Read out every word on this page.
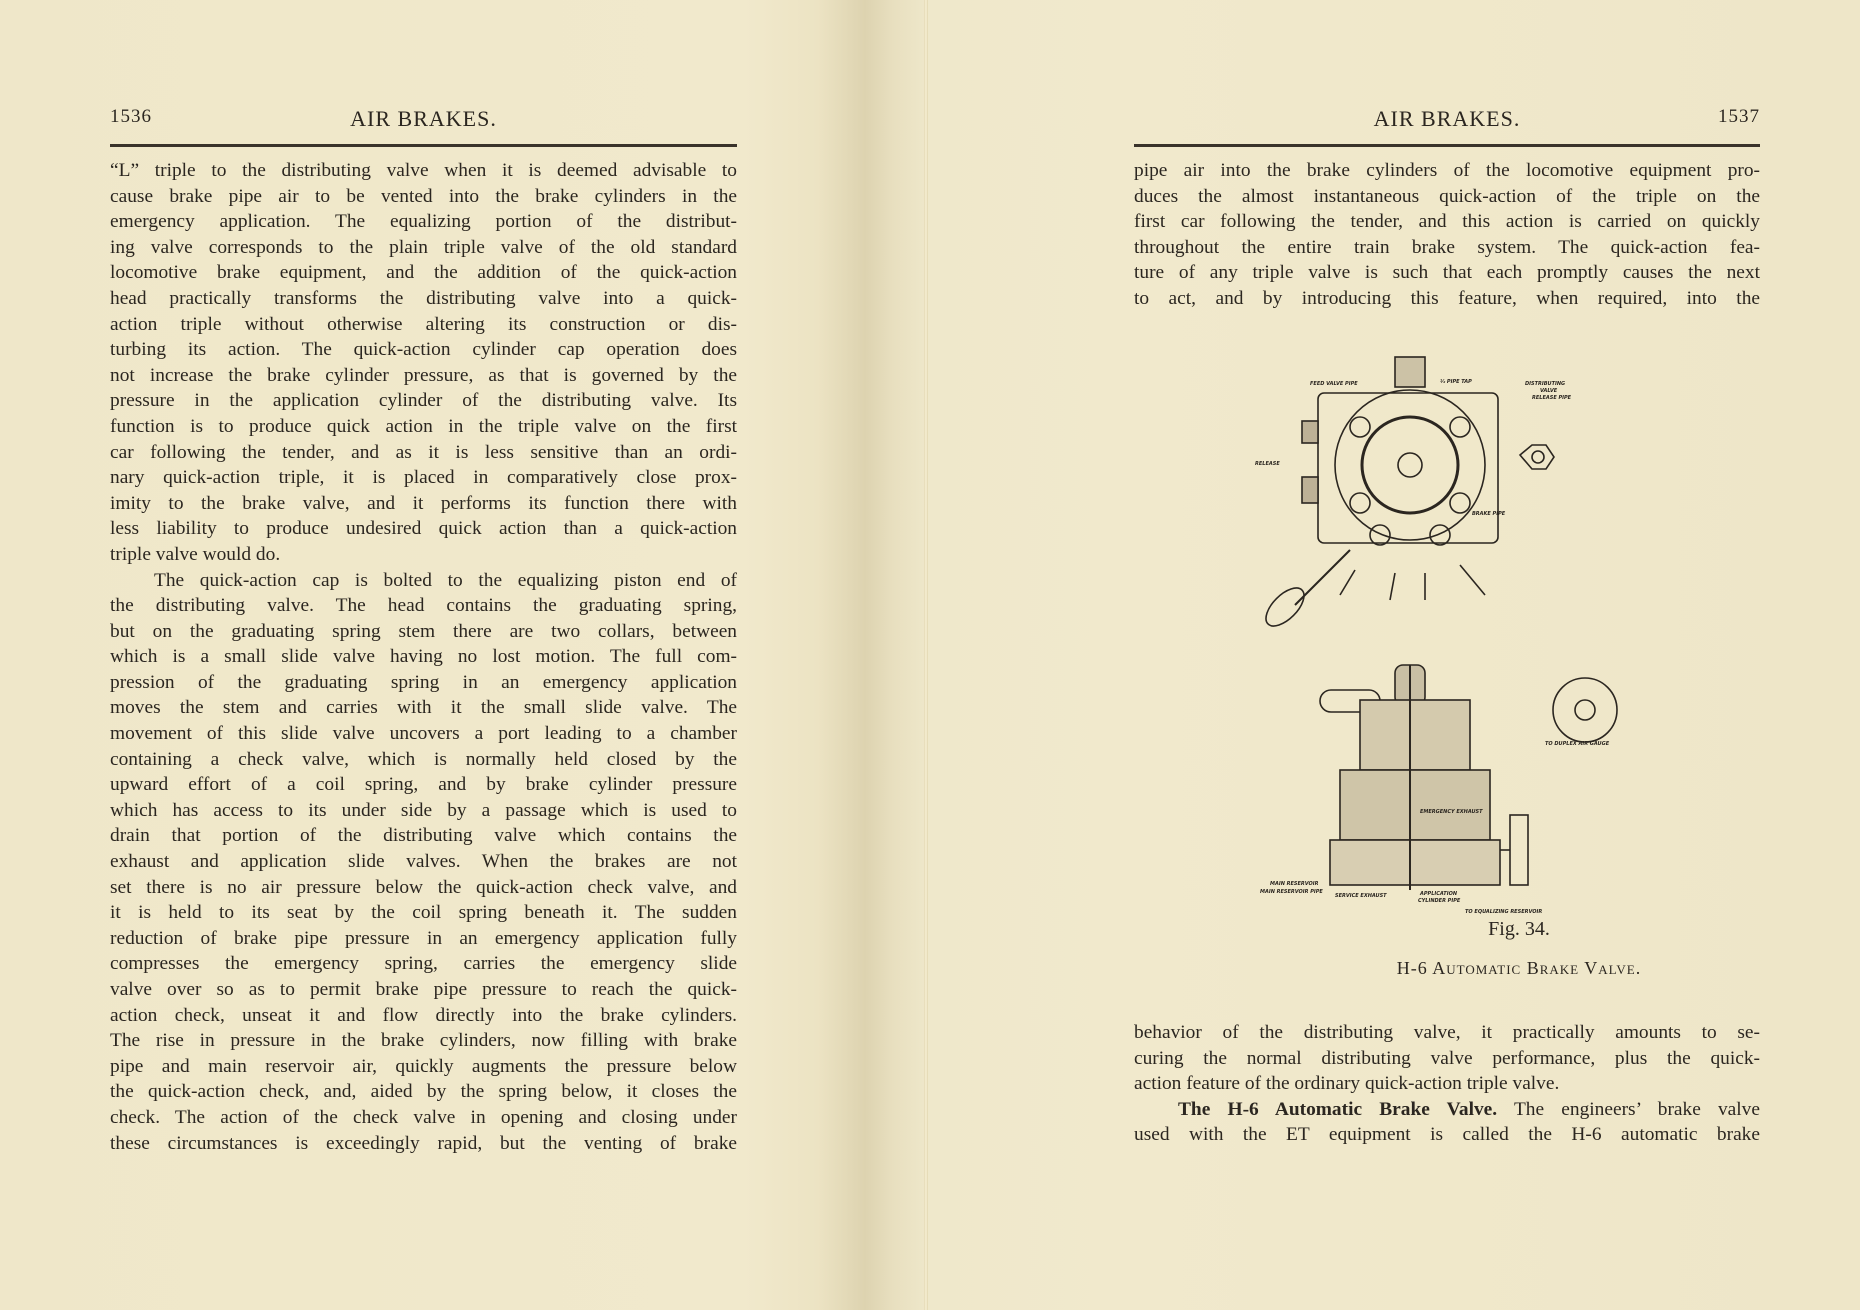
1536	AIR BRAKES.
“L” triple to the distributing valve when it is deemed advisable to
cause brake pipe air to be vented into the brake cylinders in the
emergency application. The equalizing portion of the distribut-
ing valve corresponds to the plain triple valve of the old standard
locomotive brake equipment, and the addition of the quick-action
head practically transforms the distributing valve into a quick-
action triple without otherwise altering its construction or dis-
turbing its action. The quick-action cylinder cap operation does
not increase the brake cylinder pressure, as that is governed by the
pressure in the application cylinder of the distributing valve. Its
function is to produce quick action in the triple valve on the first
car following the tender, and as it is less sensitive than an ordi-
nary quick-action triple, it is placed in comparatively close prox-
imity to the brake valve, and it performs its function there with
less liability to produce undesired quick action than a quick-action
triple valve would do.
The quick-action cap is bolted to the equalizing piston end of
the distributing valve. The head contains the graduating spring,
but on the graduating spring stem there are two collars, between
which is a small slide valve having no lost motion. The full com-
pression of the graduating spring in an emergency application
moves the stem and carries with it the small slide valve. The
movement of this slide valve uncovers a port leading to a chamber
containing a check valve, which is normally held closed by the
upward effort of a coil spring, and by brake cylinder pressure
which has access to its under side by a passage which is used to
drain that portion of the distributing valve which contains the
exhaust and application slide valves. When the brakes are not
set there is no air pressure below the quick-action check valve, and
it is held to its seat by the coil spring beneath it. The sudden
reduction of brake pipe pressure in an emergency application fully
compresses the emergency spring, carries the emergency slide
valve over so as to permit brake pipe pressure to reach the quick-
action check, unseat it and flow directly into the brake cylinders.
The rise in pressure in the brake cylinders, now filling with brake
pipe and main reservoir air, quickly augments the pressure below
the quick-action check, and, aided by the spring below, it closes the
check. The action of the check valve in opening and closing under
these circumstances is exceedingly rapid, but the venting of brake
AIR BRAKES.	1537
pipe air into the brake cylinders of the locomotive equipment pro-
duces the almost instantaneous quick-action of the triple on the
first car following the tender, and this action is carried on quickly
throughout the entire train brake system. The quick-action fea-
ture of any triple valve is such that each promptly causes the next
to act, and by introducing this feature, when required, into the
behavior of the distributing valve, it practically amounts to se-
curing the normal distributing valve performance, plus the quick-
action feature of the ordinary quick-action triple valve.
The H-6 Automatic Brake Valve. The engineers’ brake valve
used with the ET equipment is called the H-6 automatic brake
FEED VALVE PIPE	½ PIPE TAP	DISTRIBUTING
VALVE
RELEASE PIPE
RELEASE
BRAKE PIPE
EMERGENCY EXHAUST
TO DUPLEX AIR GAUGE
MAIN RESERVOIR
MAIN RESERVOIR PIPE
SERVICE EXHAUST	APPLICATION
CYLINDER PIPE
TO EQUALIZING RESERVOIR
Fig. 34.
H-6 Automatic Brake Valve.
